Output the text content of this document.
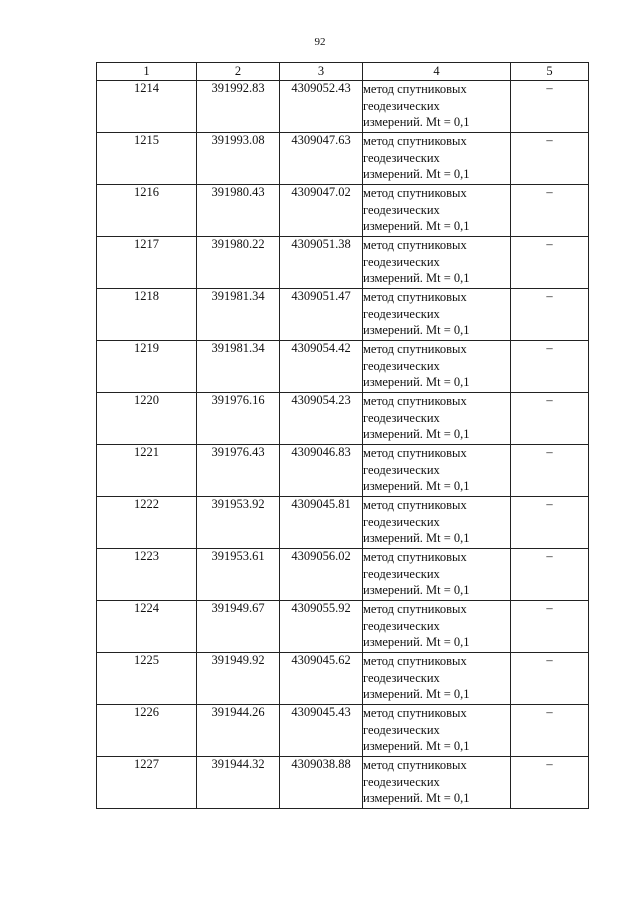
92
1	2	3	4	5
1214	391992.83	4309052.43	метод спутниковых
геодезических
измерений. Mt = 0,1	–
1215	391993.08	4309047.63	метод спутниковых
геодезических
измерений. Mt = 0,1	–
1216	391980.43	4309047.02	метод спутниковых
геодезических
измерений. Mt = 0,1	–
1217	391980.22	4309051.38	метод спутниковых
геодезических
измерений. Mt = 0,1	–
1218	391981.34	4309051.47	метод спутниковых
геодезических
измерений. Mt = 0,1	–
1219	391981.34	4309054.42	метод спутниковых
геодезических
измерений. Mt = 0,1	–
1220	391976.16	4309054.23	метод спутниковых
геодезических
измерений. Mt = 0,1	–
1221	391976.43	4309046.83	метод спутниковых
геодезических
измерений. Mt = 0,1	–
1222	391953.92	4309045.81	метод спутниковых
геодезических
измерений. Mt = 0,1	–
1223	391953.61	4309056.02	метод спутниковых
геодезических
измерений. Mt = 0,1	–
1224	391949.67	4309055.92	метод спутниковых
геодезических
измерений. Mt = 0,1	–
1225	391949.92	4309045.62	метод спутниковых
геодезических
измерений. Mt = 0,1	–
1226	391944.26	4309045.43	метод спутниковых
геодезических
измерений. Mt = 0,1	–
1227	391944.32	4309038.88	метод спутниковых
геодезических
измерений. Mt = 0,1	–
